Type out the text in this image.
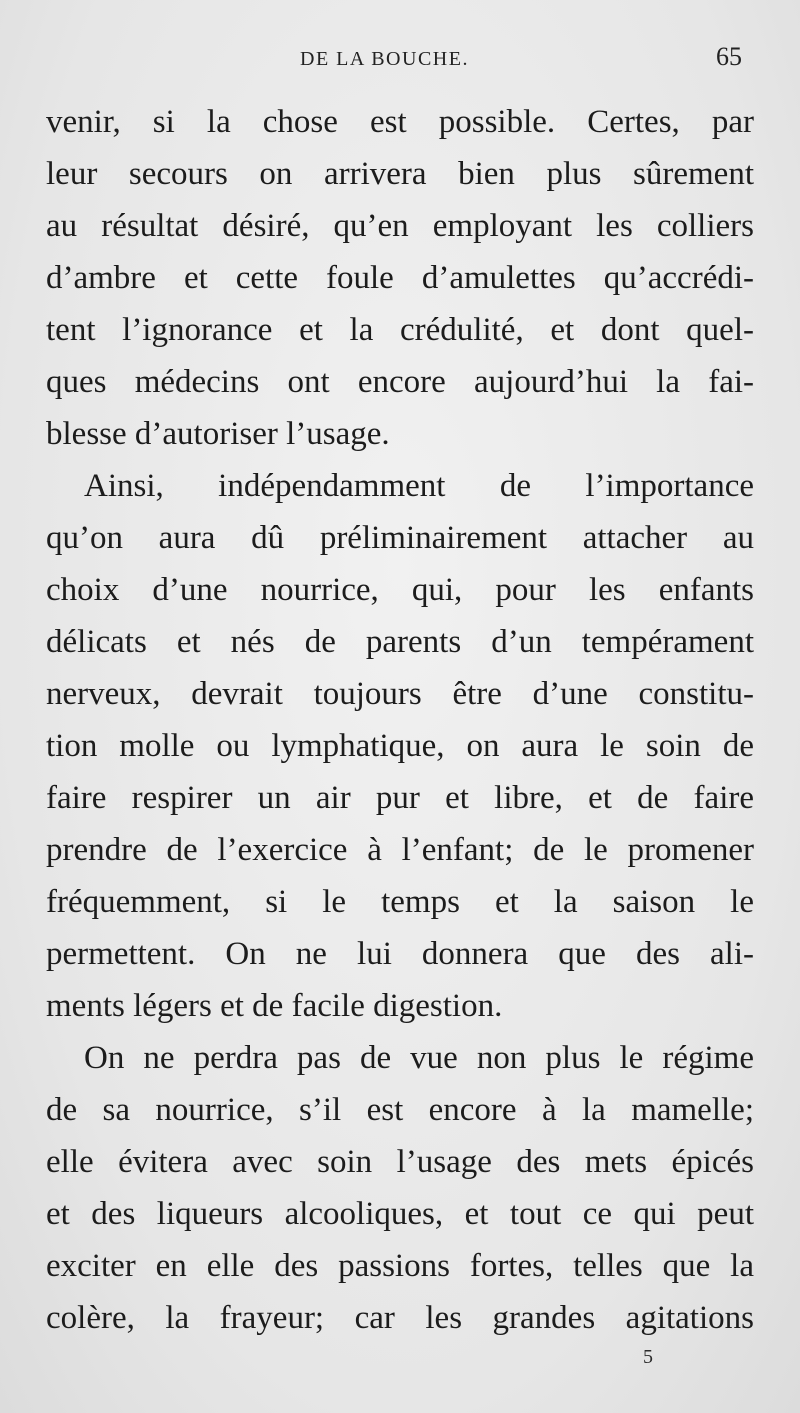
DE LA BOUCHE.	65
venir, si la chose est possible. Certes, par
leur secours on arrivera bien plus sûrement
au résultat désiré, qu’en employant les colliers
d’ambre et cette foule d’amulettes qu’accrédi-
tent l’ignorance et la crédulité, et dont quel-
ques médecins ont encore aujourd’hui la fai-
blesse d’autoriser l’usage.
Ainsi, indépendamment de l’importance
qu’on aura dû préliminairement attacher au
choix d’une nourrice, qui, pour les enfants
délicats et nés de parents d’un tempérament
nerveux, devrait toujours être d’une constitu-
tion molle ou lymphatique, on aura le soin de
faire respirer un air pur et libre, et de faire
prendre de l’exercice à l’enfant; de le promener
fréquemment, si le temps et la saison le
permettent. On ne lui donnera que des ali-
ments légers et de facile digestion.
On ne perdra pas de vue non plus le régime
de sa nourrice, s’il est encore à la mamelle;
elle évitera avec soin l’usage des mets épicés
et des liqueurs alcooliques, et tout ce qui peut
exciter en elle des passions fortes, telles que la
colère, la frayeur; car les grandes agitations
5
